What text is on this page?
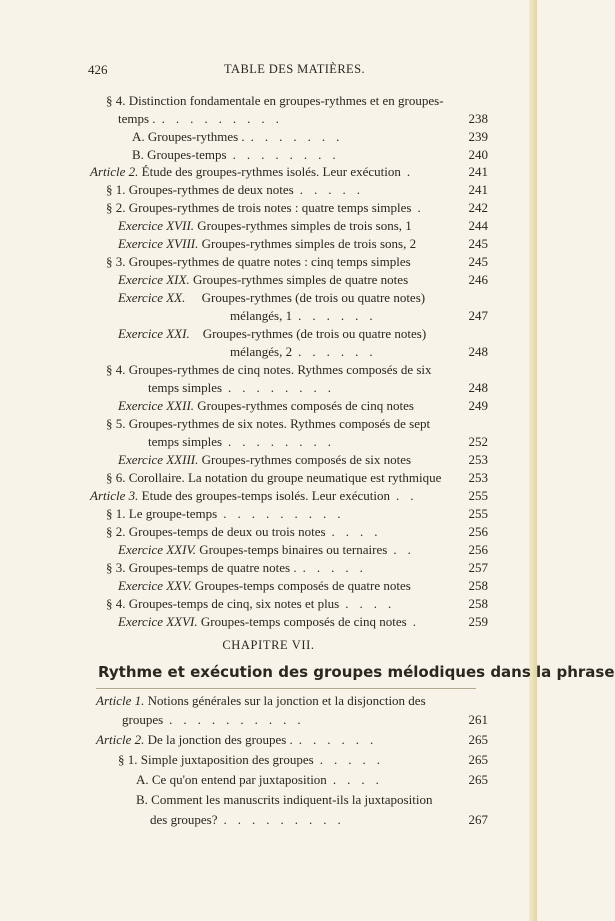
426	TABLE DES MATIÈRES.
§ 4. Distinction fondamentale en groupes-rythmes et en groupes-
temps . .........	238
A. Groupes-rythmes . .......	239
B. Groupes-temps ........	240
Article 2. Étude des groupes-rythmes isolés. Leur exécution .	241
§ 1. Groupes-rythmes de deux notes .....	241
§ 2. Groupes-rythmes de trois notes : quatre temps simples .	242
Exercice XVII. Groupes-rythmes simples de trois sons, 1	244
Exercice XVIII. Groupes-rythmes simples de trois sons, 2	245
§ 3. Groupes-rythmes de quatre notes : cinq temps simples	245
Exercice XIX. Groupes-rythmes simples de quatre notes	246
Exercice XX. Groupes-rythmes (de trois ou quatre notes)
mélangés, 1 ......	247
Exercice XXI. Groupes-rythmes (de trois ou quatre notes)
mélangés, 2 ......	248
§ 4. Groupes-rythmes de cinq notes. Rythmes composés de six
temps simples ........	248
Exercice XXII. Groupes-rythmes composés de cinq notes	249
§ 5. Groupes-rythmes de six notes. Rythmes composés de sept
temps simples ........	252
Exercice XXIII. Groupes-rythmes composés de six notes	253
§ 6. Corollaire. La notation du groupe neumatique est rythmique 253
Article 3. Etude des groupes-temps isolés. Leur exécution ..	255
§ 1. Le groupe-temps .........	255
§ 2. Groupes-temps de deux ou trois notes ....	256
Exercice XXIV. Groupes-temps binaires ou ternaires ..	256
§ 3. Groupes-temps de quatre notes . .....	257
Exercice XXV. Groupes-temps composés de quatre notes	258
§ 4. Groupes-temps de cinq, six notes et plus ....	258
Exercice XXVI. Groupes-temps composés de cinq notes .	259
CHAPITRE VII.
Rythme et exécution des groupes mélodiques dans la phrase
Article 1. Notions générales sur la jonction et la disjonction des
groupes ..........	261
Article 2. De la jonction des groupes . ......	265
§ 1. Simple juxtaposition des groupes .....	265
A. Ce qu'on entend par juxtaposition ....	265
B. Comment les manuscrits indiquent-ils la juxtaposition
des groupes? .........	267
